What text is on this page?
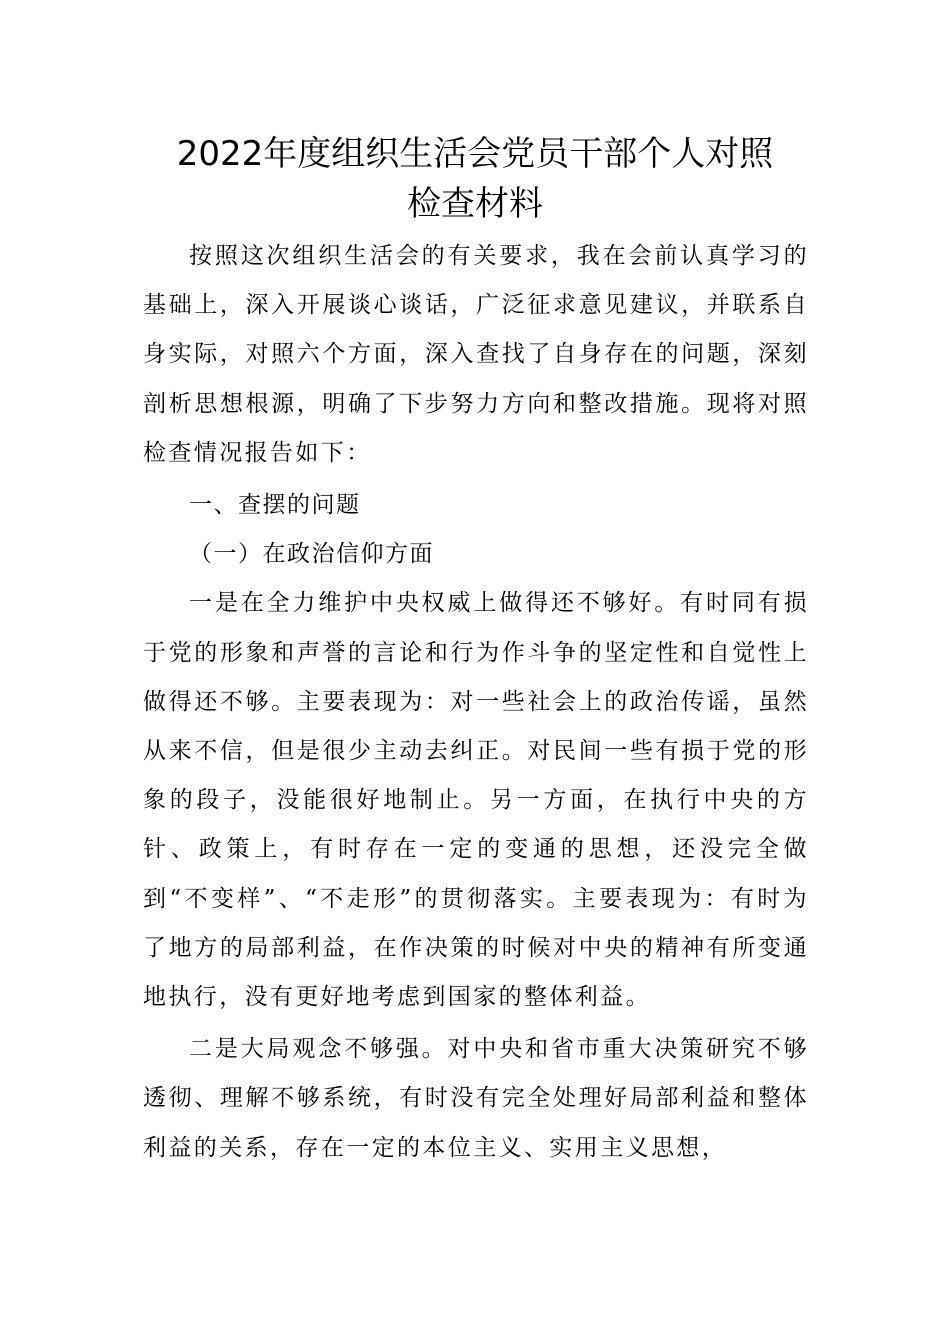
2022年度组织生活会党员干部个人对照
检查材料

按照这次组织生活会的有关要求，我在会前认真学习的基础上，深入开展谈心谈话，广泛征求意见建议，并联系自身实际，对照六个方面，深入查找了自身存在的问题，深刻剖析思想根源，明确了下步努力方向和整改措施。现将对照检查情况报告如下：

一、查摆的问题

（一）在政治信仰方面

一是在全力维护中央权威上做得还不够好。有时同有损于党的形象和声誉的言论和行为作斗争的坚定性和自觉性上做得还不够。主要表现为：对一些社会上的政治传谣，虽然从来不信，但是很少主动去纠正。对民间一些有损于党的形象的段子，没能很好地制止。另一方面，在执行中央的方针、政策上，有时存在一定的变通的思想，还没完全做到“不变样”、“不走形”的贯彻落实。主要表现为：有时为了地方的局部利益，在作决策的时候对中央的精神有所变通地执行，没有更好地考虑到国家的整体利益。

二是大局观念不够强。对中央和省市重大决策研究不够透彻、理解不够系统，有时没有完全处理好局部利益和整体利益的关系，存在一定的本位主义、实用主义思想，
